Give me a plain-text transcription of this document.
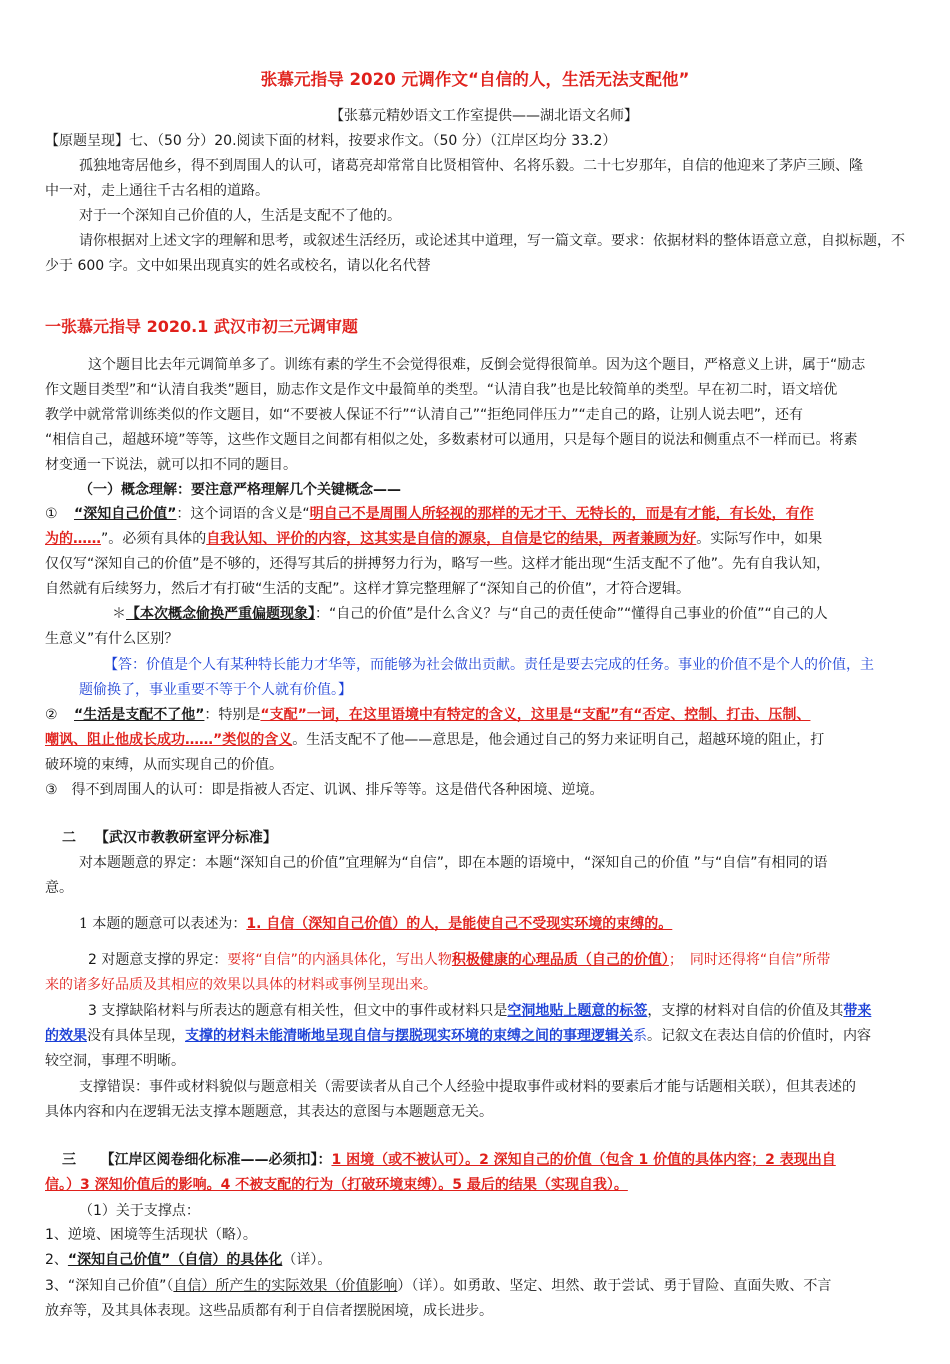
张慕元指导 2020 元调作文“自信的人，生活无法支配他”
【张慕元精妙语文工作室提供——湖北语文名师】
【原题呈现】七、（50 分）20.阅读下面的材料，按要求作文。（50 分）（江岸区均分 33.2）
孤独地寄居他乡，得不到周围人的认可，诸葛亮却常常自比贤相管仲、名将乐毅。二十七岁那年，自信的他迎来了茅庐三顾、隆
中一对，走上通往千古名相的道路。
对于一个深知自己价值的人，生活是支配不了他的。
请你根据对上述文字的理解和思考，或叙述生活经历，或论述其中道理，写一篇文章。要求：依据材料的整体语意立意，自拟标题，不
少于 600 字。文中如果出现真实的姓名或校名，请以化名代替
一张慕元指导 2020.1 武汉市初三元调审题
这个题目比去年元调简单多了。训练有素的学生不会觉得很难，反倒会觉得很简单。因为这个题目，严格意义上讲，属于“励志
作文题目类型”和“认清自我类”题目，励志作文是作文中最简单的类型。“认清自我”也是比较简单的类型。早在初二时，语文培优
教学中就常常训练类似的作文题目，如“不要被人保证不行”“认清自己”“拒绝同伴压力”“走自己的路，让别人说去吧”，还有
“相信自己，超越环境”等等，这些作文题目之间都有相似之处，多数素材可以通用，只是每个题目的说法和侧重点不一样而已。将素
材变通一下说法，就可以扣不同的题目。
（一）概念理解：要注意严格理解几个关键概念——
① “深知自己价值”：这个词语的含义是“明自己不是周围人所轻视的那样的无才干、无特长的，而是有才能，有长处，有作
为的……”。必须有具体的自我认知、评价的内容，这其实是自信的源泉，自信是它的结果，两者兼顾为好。实际写作中，如果
仅仅写“深知自己的价值”是不够的，还得写其后的拼搏努力行为，略写一些。这样才能出现“生活支配不了他”。先有自我认知，
自然就有后续努力，然后才有打破“生活的支配”。这样才算完整理解了“深知自己的价值”，才符合逻辑。
＊【本次概念偷换严重偏题现象】：“自己的价值”是什么含义？与“自己的责任使命”“懂得自己事业的价值”“自己的人
生意义”有什么区别？
【答：价值是个人有某种特长能力才华等，而能够为社会做出贡献。责任是要去完成的任务。事业的价值不是个人的价值，主
题偷换了，事业重要不等于个人就有价值。】
② “生活是支配不了他”：特别是“支配”一词，在这里语境中有特定的含义，这里是“支配”有“否定、控制、打击、压制、
嘲讽、阻止他成长成功……”类似的含义。生活支配不了他——意思是，他会通过自己的努力来证明自己，超越环境的阻止，打
破环境的束缚，从而实现自己的价值。
③　得不到周围人的认可：即是指被人否定、讥讽、排斥等等。这是借代各种困境、逆境。
二 【武汉市教教研室评分标准】
对本题题意的界定：本题“深知自己的价值”宜理解为“自信”，即在本题的语境中，“深知自己的价值 ”与“自信”有相同的语
意。
1 本题的题意可以表述为：1. 自信（深知自己价值）的人，是能使自己不受现实环境的束缚的。
2 对题意支撑的界定：要将“自信”的内涵具体化，写出人物积极健康的心理品质（自己的价值）；　同时还得将“自信”所带
来的诸多好品质及其相应的效果以具体的材料或事例呈现出来。
3 支撑缺陷材料与所表达的题意有相关性，但文中的事件或材料只是空洞地贴上题意的标签，支撑的材料对自信的价值及其带来
的效果没有具体呈现，支撑的材料未能清晰地呈现自信与摆脱现实环境的束缚之间的事理逻辑关系。记叙文在表达自信的价值时，内容
较空洞，事理不明晰。
支撑错误：事件或材料貌似与题意相关（需要读者从自己个人经验中提取事件或材料的要素后才能与话题相关联），但其表述的
具体内容和内在逻辑无法支撑本题题意，其表达的意图与本题题意无关。
三 【江岸区阅卷细化标准——必须扣】：1 困境（或不被认可）。2 深知自己的价值（包含 1 价值的具体内容；2 表现出自
信。）3 深知价值后的影响。4 不被支配的行为（打破环境束缚）。5 最后的结果（实现自我）。
（1）关于支撑点：
1、逆境、困境等生活现状（略）。
2、“深知自己价值”（自信）的具体化（详）。
3、“深知自己价值”（自信）所产生的实际效果（价值影响）（详）。如勇敢、坚定、坦然、敢于尝试、勇于冒险、直面失败、不言
放弃等，及其具体表现。这些品质都有利于自信者摆脱困境，成长进步。
